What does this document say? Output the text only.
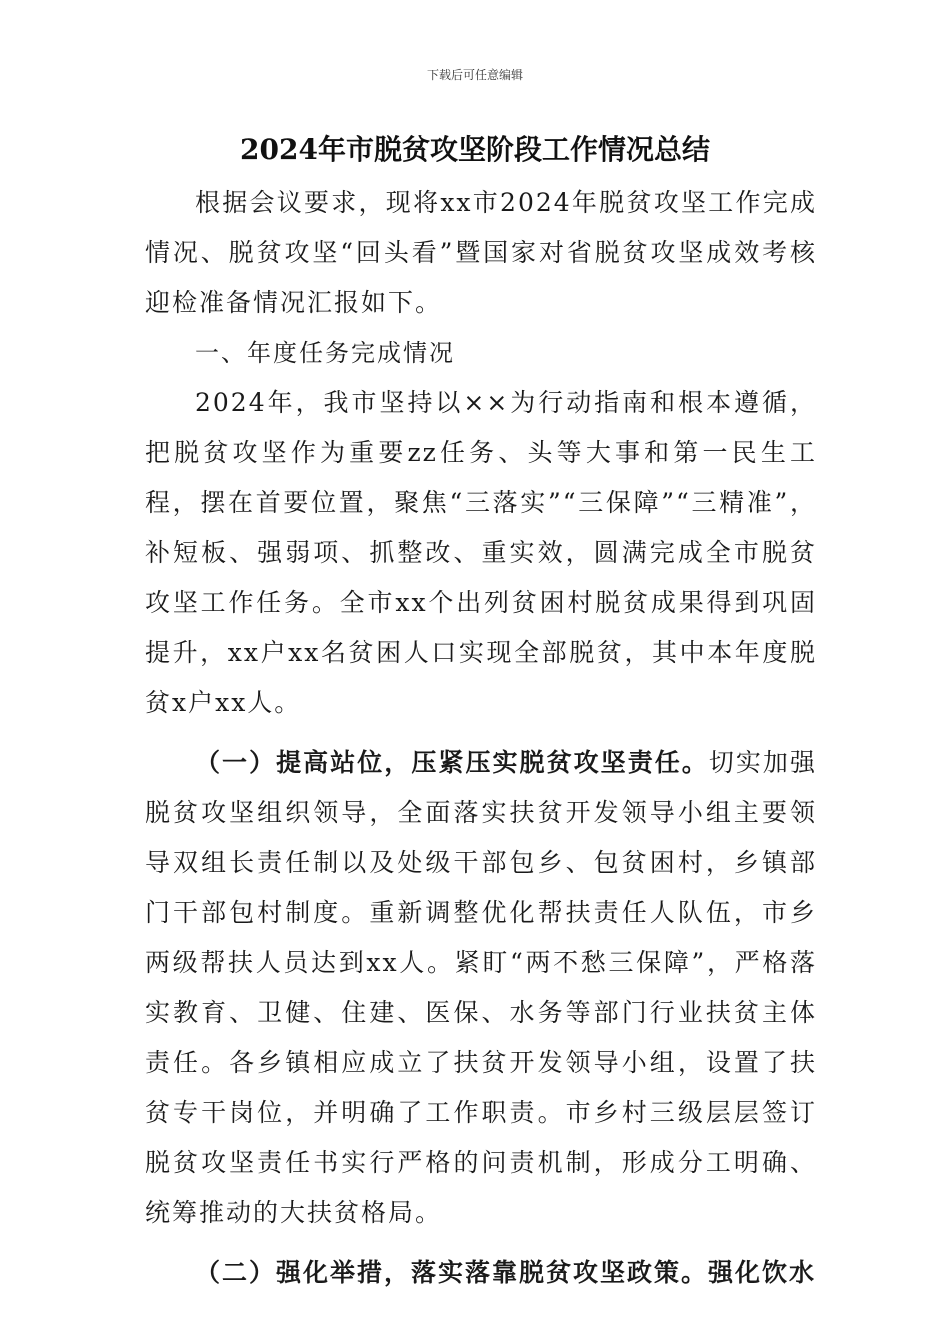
下载后可任意编辑
2024年市脱贫攻坚阶段工作情况总结

根据会议要求，现将xx市2024年脱贫攻坚工作完成情况、脱贫攻坚“回头看”暨国家对省脱贫攻坚成效考核迎检准备情况汇报如下。

一、年度任务完成情况

2024年，我市坚持以××为行动指南和根本遵循，把脱贫攻坚作为重要zz任务、头等大事和第一民生工程，摆在首要位置，聚焦“三落实”“三保障”“三精准”，补短板、强弱项、抓整改、重实效，圆满完成全市脱贫攻坚工作任务。全市xx个出列贫困村脱贫成果得到巩固提升，xx户xx名贫困人口实现全部脱贫，其中本年度脱贫x户xx人。

（一）提高站位，压紧压实脱贫攻坚责任。切实加强脱贫攻坚组织领导，全面落实扶贫开发领导小组主要领导双组长责任制以及处级干部包乡、包贫困村，乡镇部门干部包村制度。重新调整优化帮扶责任人队伍，市乡两级帮扶人员达到xx人。紧盯“两不愁三保障”，严格落实教育、卫健、住建、医保、水务等部门行业扶贫主体责任。各乡镇相应成立了扶贫开发领导小组，设置了扶贫专干岗位，并明确了工作职责。市乡村三级层层签订脱贫攻坚责任书实行严格的问责机制，形成分工明确、统筹推动的大扶贫格局。

（二）强化举措，落实落靠脱贫攻坚政策。强化饮水
